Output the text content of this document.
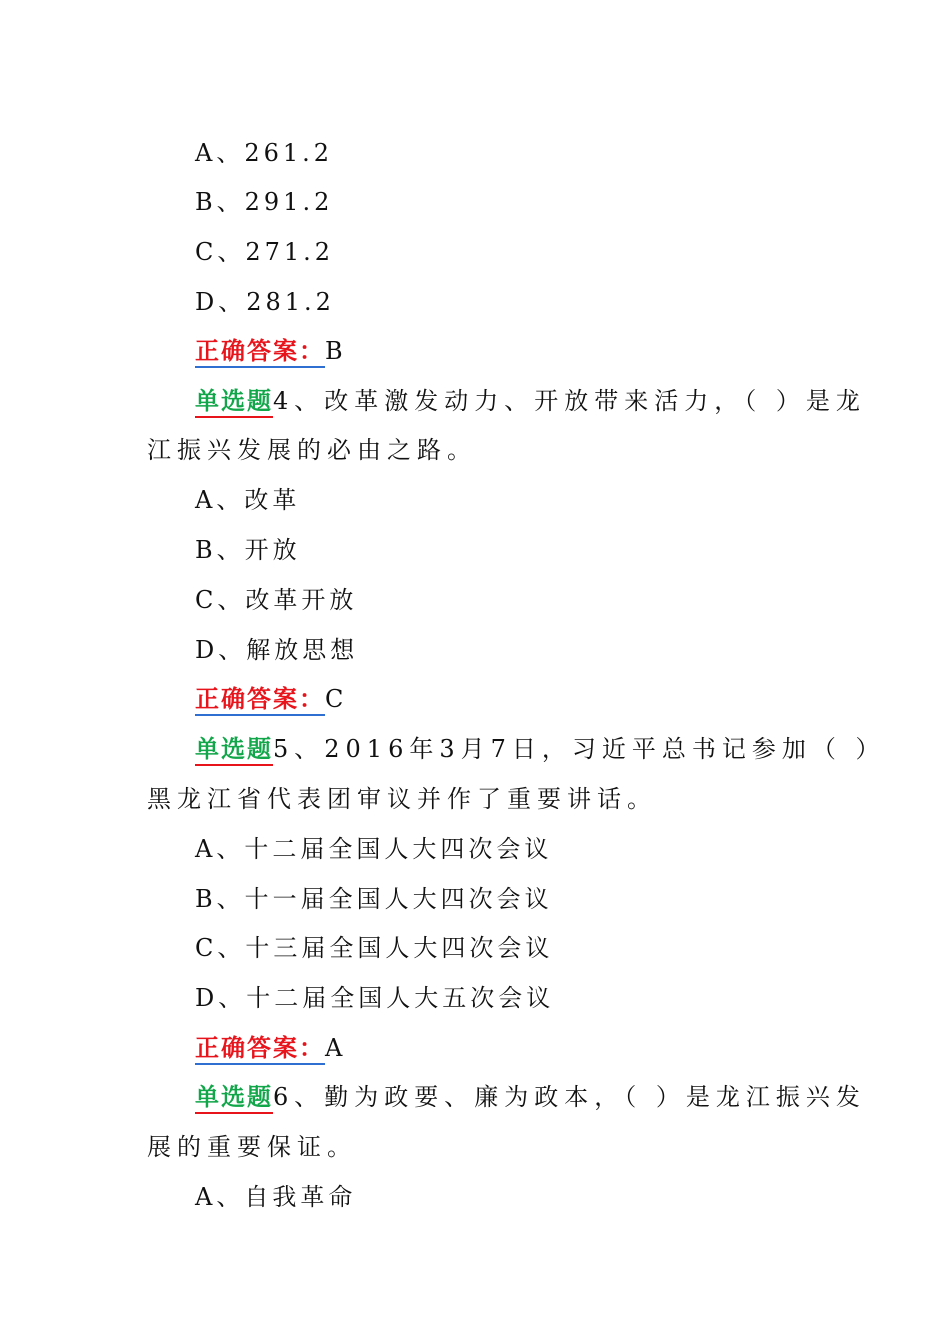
A、261.2
B、291.2
C、271.2
D、281.2
正确答案：B
单选题4、改革激发动力、开放带来活力，（ ）是龙
江振兴发展的必由之路。
A、改革
B、开放
C、改革开放
D、解放思想
正确答案：C
单选题5、2016年3月7日，习近平总书记参加（ ）
黑龙江省代表团审议并作了重要讲话。
A、十二届全国人大四次会议
B、十一届全国人大四次会议
C、十三届全国人大四次会议
D、十二届全国人大五次会议
正确答案：A
单选题6、勤为政要、廉为政本，（ ）是龙江振兴发
展的重要保证。
A、自我革命
